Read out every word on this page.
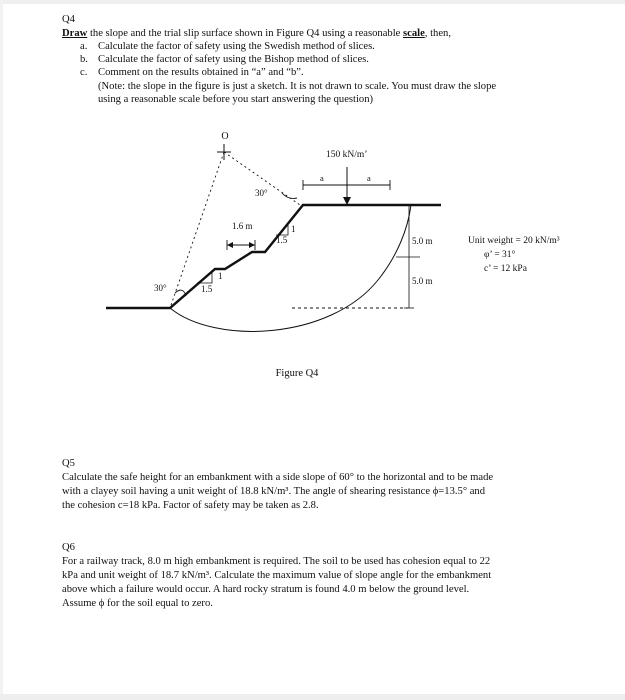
Q4
Draw the slope and the trial slip surface shown in Figure Q4 using a reasonable scale, then,
a. Calculate the factor of safety using the Swedish method of slices.
b. Calculate the factor of safety using the Bishop method of slices.
c. Comment on the results obtained in “a” and “b”.
(Note: the slope in the figure is just a sketch. It is not drawn to scale. You must draw the slope
using a reasonable scale before you start answering the question)
O
30°
30°
1
1.5
1
1.5
1.6 m
150 kN/m’
a	a
5.0 m
5.0 m
Unit weight = 20 kN/m³
φ’ = 31°
c’ = 12 kPa
Figure Q4
Q5
Calculate the safe height for an embankment with a side slope of 60° to the horizontal and to be made
with a clayey soil having a unit weight of 18.8 kN/m³. The angle of shearing resistance ϕ=13.5° and
the cohesion c=18 kPa. Factor of safety may be taken as 2.8.
Q6
For a railway track, 8.0 m high embankment is required. The soil to be used has cohesion equal to 22
kPa and unit weight of 18.7 kN/m³. Calculate the maximum value of slope angle for the embankment
above which a failure would occur. A hard rocky stratum is found 4.0 m below the ground level.
Assume ϕ for the soil equal to zero.
